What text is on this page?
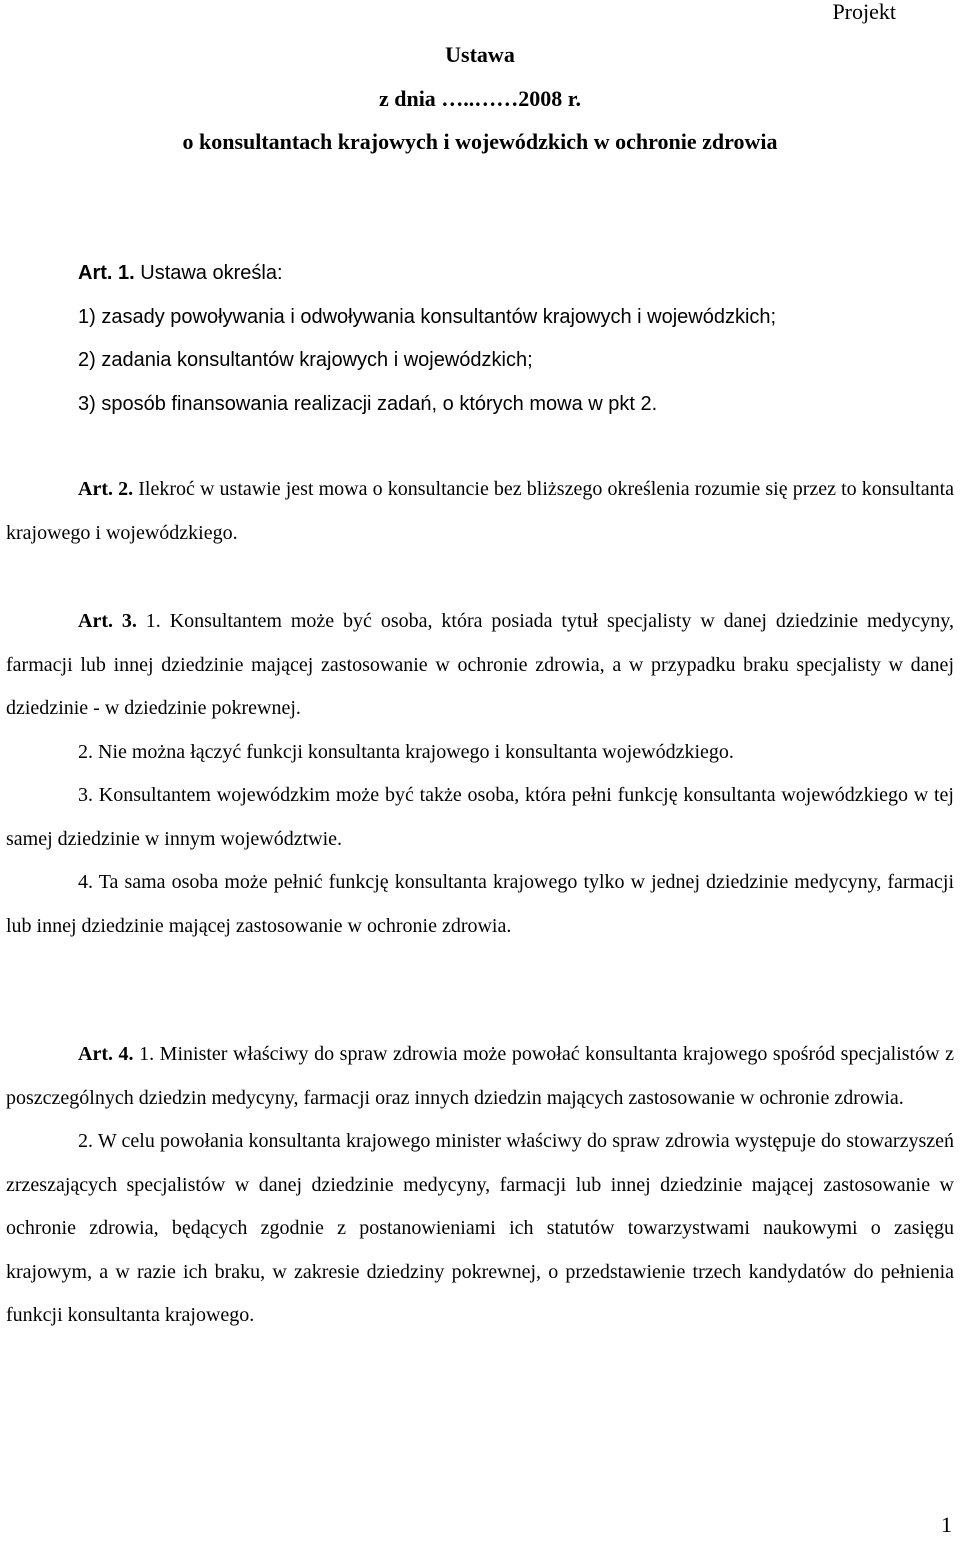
Projekt
Ustawa
z dnia …..……2008 r.
o konsultantach krajowych i wojewódzkich w ochronie zdrowia

Art. 1. Ustawa określa:

1) zasady powoływania i odwoływania konsultantów krajowych i wojewódzkich;
2) zadania konsultantów krajowych i wojewódzkich;
3) sposób finansowania realizacji zadań, o których mowa w pkt 2.

Art. 2. Ilekroć w ustawie jest mowa o konsultancie bez bliższego określenia rozumie się przez to konsultanta krajowego i wojewódzkiego.

Art. 3. 1. Konsultantem może być osoba, która posiada tytuł specjalisty w danej dziedzinie medycyny, farmacji lub innej dziedzinie mającej zastosowanie w ochronie zdrowia, a w przypadku braku specjalisty w danej dziedzinie - w dziedzinie pokrewnej.

2. Nie można łączyć funkcji konsultanta krajowego i konsultanta wojewódzkiego.

3. Konsultantem wojewódzkim może być także osoba, która pełni funkcję konsultanta wojewódzkiego w tej samej dziedzinie w innym województwie.

4. Ta sama osoba może pełnić funkcję konsultanta krajowego tylko w jednej dziedzinie medycyny, farmacji lub innej dziedzinie mającej zastosowanie w ochronie zdrowia.

Art. 4. 1. Minister właściwy do spraw zdrowia może powołać konsultanta krajowego spośród specjalistów z poszczególnych dziedzin medycyny, farmacji oraz innych dziedzin mających zastosowanie w ochronie zdrowia.

2. W celu powołania konsultanta krajowego minister właściwy do spraw zdrowia występuje do stowarzyszeń zrzeszających specjalistów w danej dziedzinie medycyny, farmacji lub innej dziedzinie mającej zastosowanie w ochronie zdrowia, będących zgodnie z postanowieniami ich statutów towarzystwami naukowymi o zasięgu krajowym, a w razie ich braku, w zakresie dziedziny pokrewnej, o przedstawienie trzech kandydatów do pełnienia funkcji konsultanta krajowego.

1
